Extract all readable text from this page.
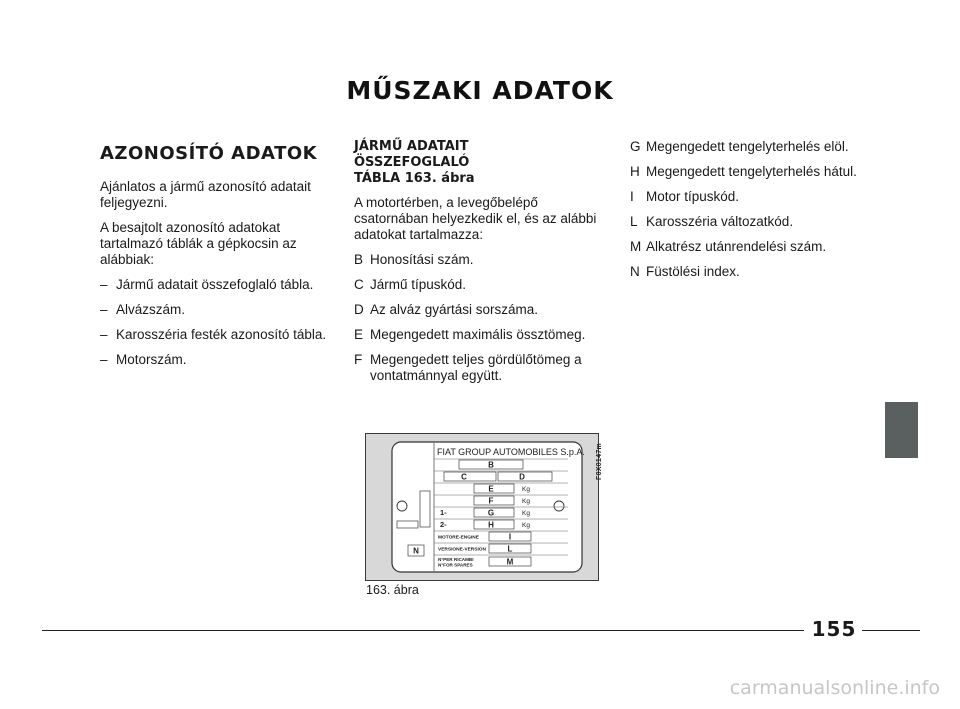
MŰSZAKI ADATOK
AZONOSÍTÓ ADATOK
Ajánlatos a jármű azonosító adatait feljegyezni.
A besajtolt azonosító adatokat tartalmazó táblák a gépkocsin az alábbiak:
– Jármű adatait összefoglaló tábla.
– Alvázszám.
– Karosszéria festék azonosító tábla.
– Motorszám.
JÁRMŰ ADATAIT
ÖSSZEFOGLALÓ
TÁBLA 163. ábra
A motortérben, a levegőbelépő csatornában helyezkedik el, és az alábbi adatokat tartalmazza:
B Honosítási szám.
C Jármű típuskód.
D Az alváz gyártási sorszáma.
E Megengedett maximális össztömeg.
F Megengedett teljes gördülőtömeg a vontatmánnyal együtt.
G Megengedett tengelyterhelés elöl.
H Megengedett tengelyterhelés hátul.
I Motor típuskód.
L Karosszéria változatkód.
M Alkatrész utánrendelési szám.
N Füstölési index.
FIAT GROUP AUTOMOBILES S.p.A.
B
C	D
E	Kg
F	Kg
1-	G	Kg
2-	H	Kg
MOTORE-ENGINE	I
N	VERSIONE-VERSION	L
N°PER RICAMBI
N°FOR SPARES	M
F0X0147m
163. ábra
155
carmanualsonline.info
